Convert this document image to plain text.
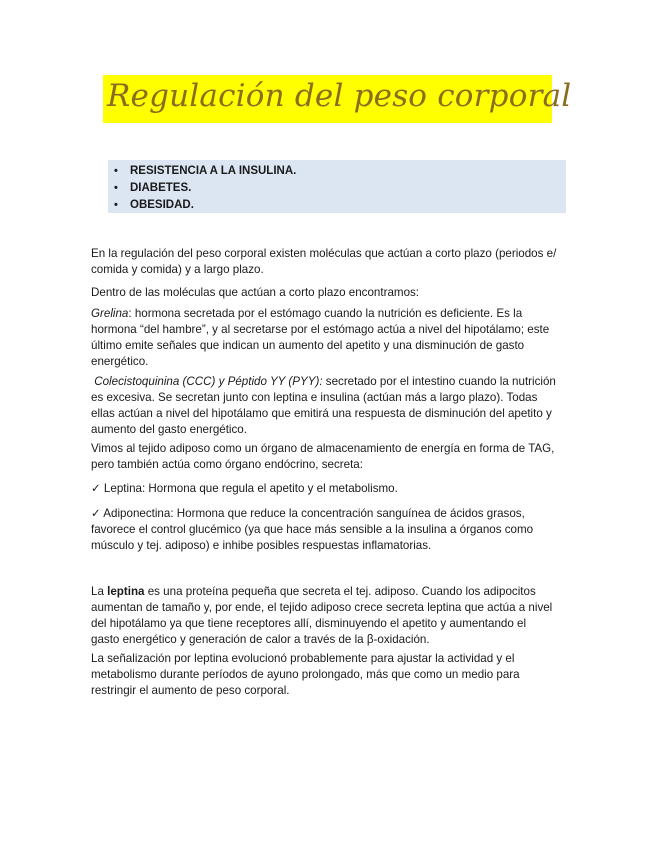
Regulación del peso corporal
• RESISTENCIA A LA INSULINA.
• DIABETES.
• OBESIDAD.

En la regulación del peso corporal existen moléculas que actúan a corto plazo (periodos e/
comida y comida) y a largo plazo.

Dentro de las moléculas que actúan a corto plazo encontramos:

Grelina: hormona secretada por el estómago cuando la nutrición es deficiente. Es la
hormona “del hambre”, y al secretarse por el estómago actúa a nivel del hipotálamo; este
último emite señales que indican un aumento del apetito y una disminución de gasto
energético.

Colecistoquinina (CCC) y Péptido YY (PYY): secretado por el intestino cuando la nutrición
es excesiva. Se secretan junto con leptina e insulina (actúan más a largo plazo). Todas
ellas actúan a nivel del hipotálamo que emitirá una respuesta de disminución del apetito y
aumento del gasto energético.

Vimos al tejido adiposo como un órgano de almacenamiento de energía en forma de TAG,
pero también actúa como órgano endócrino, secreta:

✓ Leptina: Hormona que regula el apetito y el metabolismo.

✓ Adiponectina: Hormona que reduce la concentración sanguínea de ácidos grasos,
favorece el control glucémico (ya que hace más sensible a la insulina a órganos como
músculo y tej. adiposo) e inhibe posibles respuestas inflamatorias.

La leptina es una proteína pequeña que secreta el tej. adiposo. Cuando los adipocitos
aumentan de tamaño y, por ende, el tejido adiposo crece secreta leptina que actúa a nivel
del hipotálamo ya que tiene receptores allí, disminuyendo el apetito y aumentando el
gasto energético y generación de calor a través de la β-oxidación.

La señalización por leptina evolucionó probablemente para ajustar la actividad y el
metabolismo durante períodos de ayuno prolongado, más que como un medio para
restringir el aumento de peso corporal.
